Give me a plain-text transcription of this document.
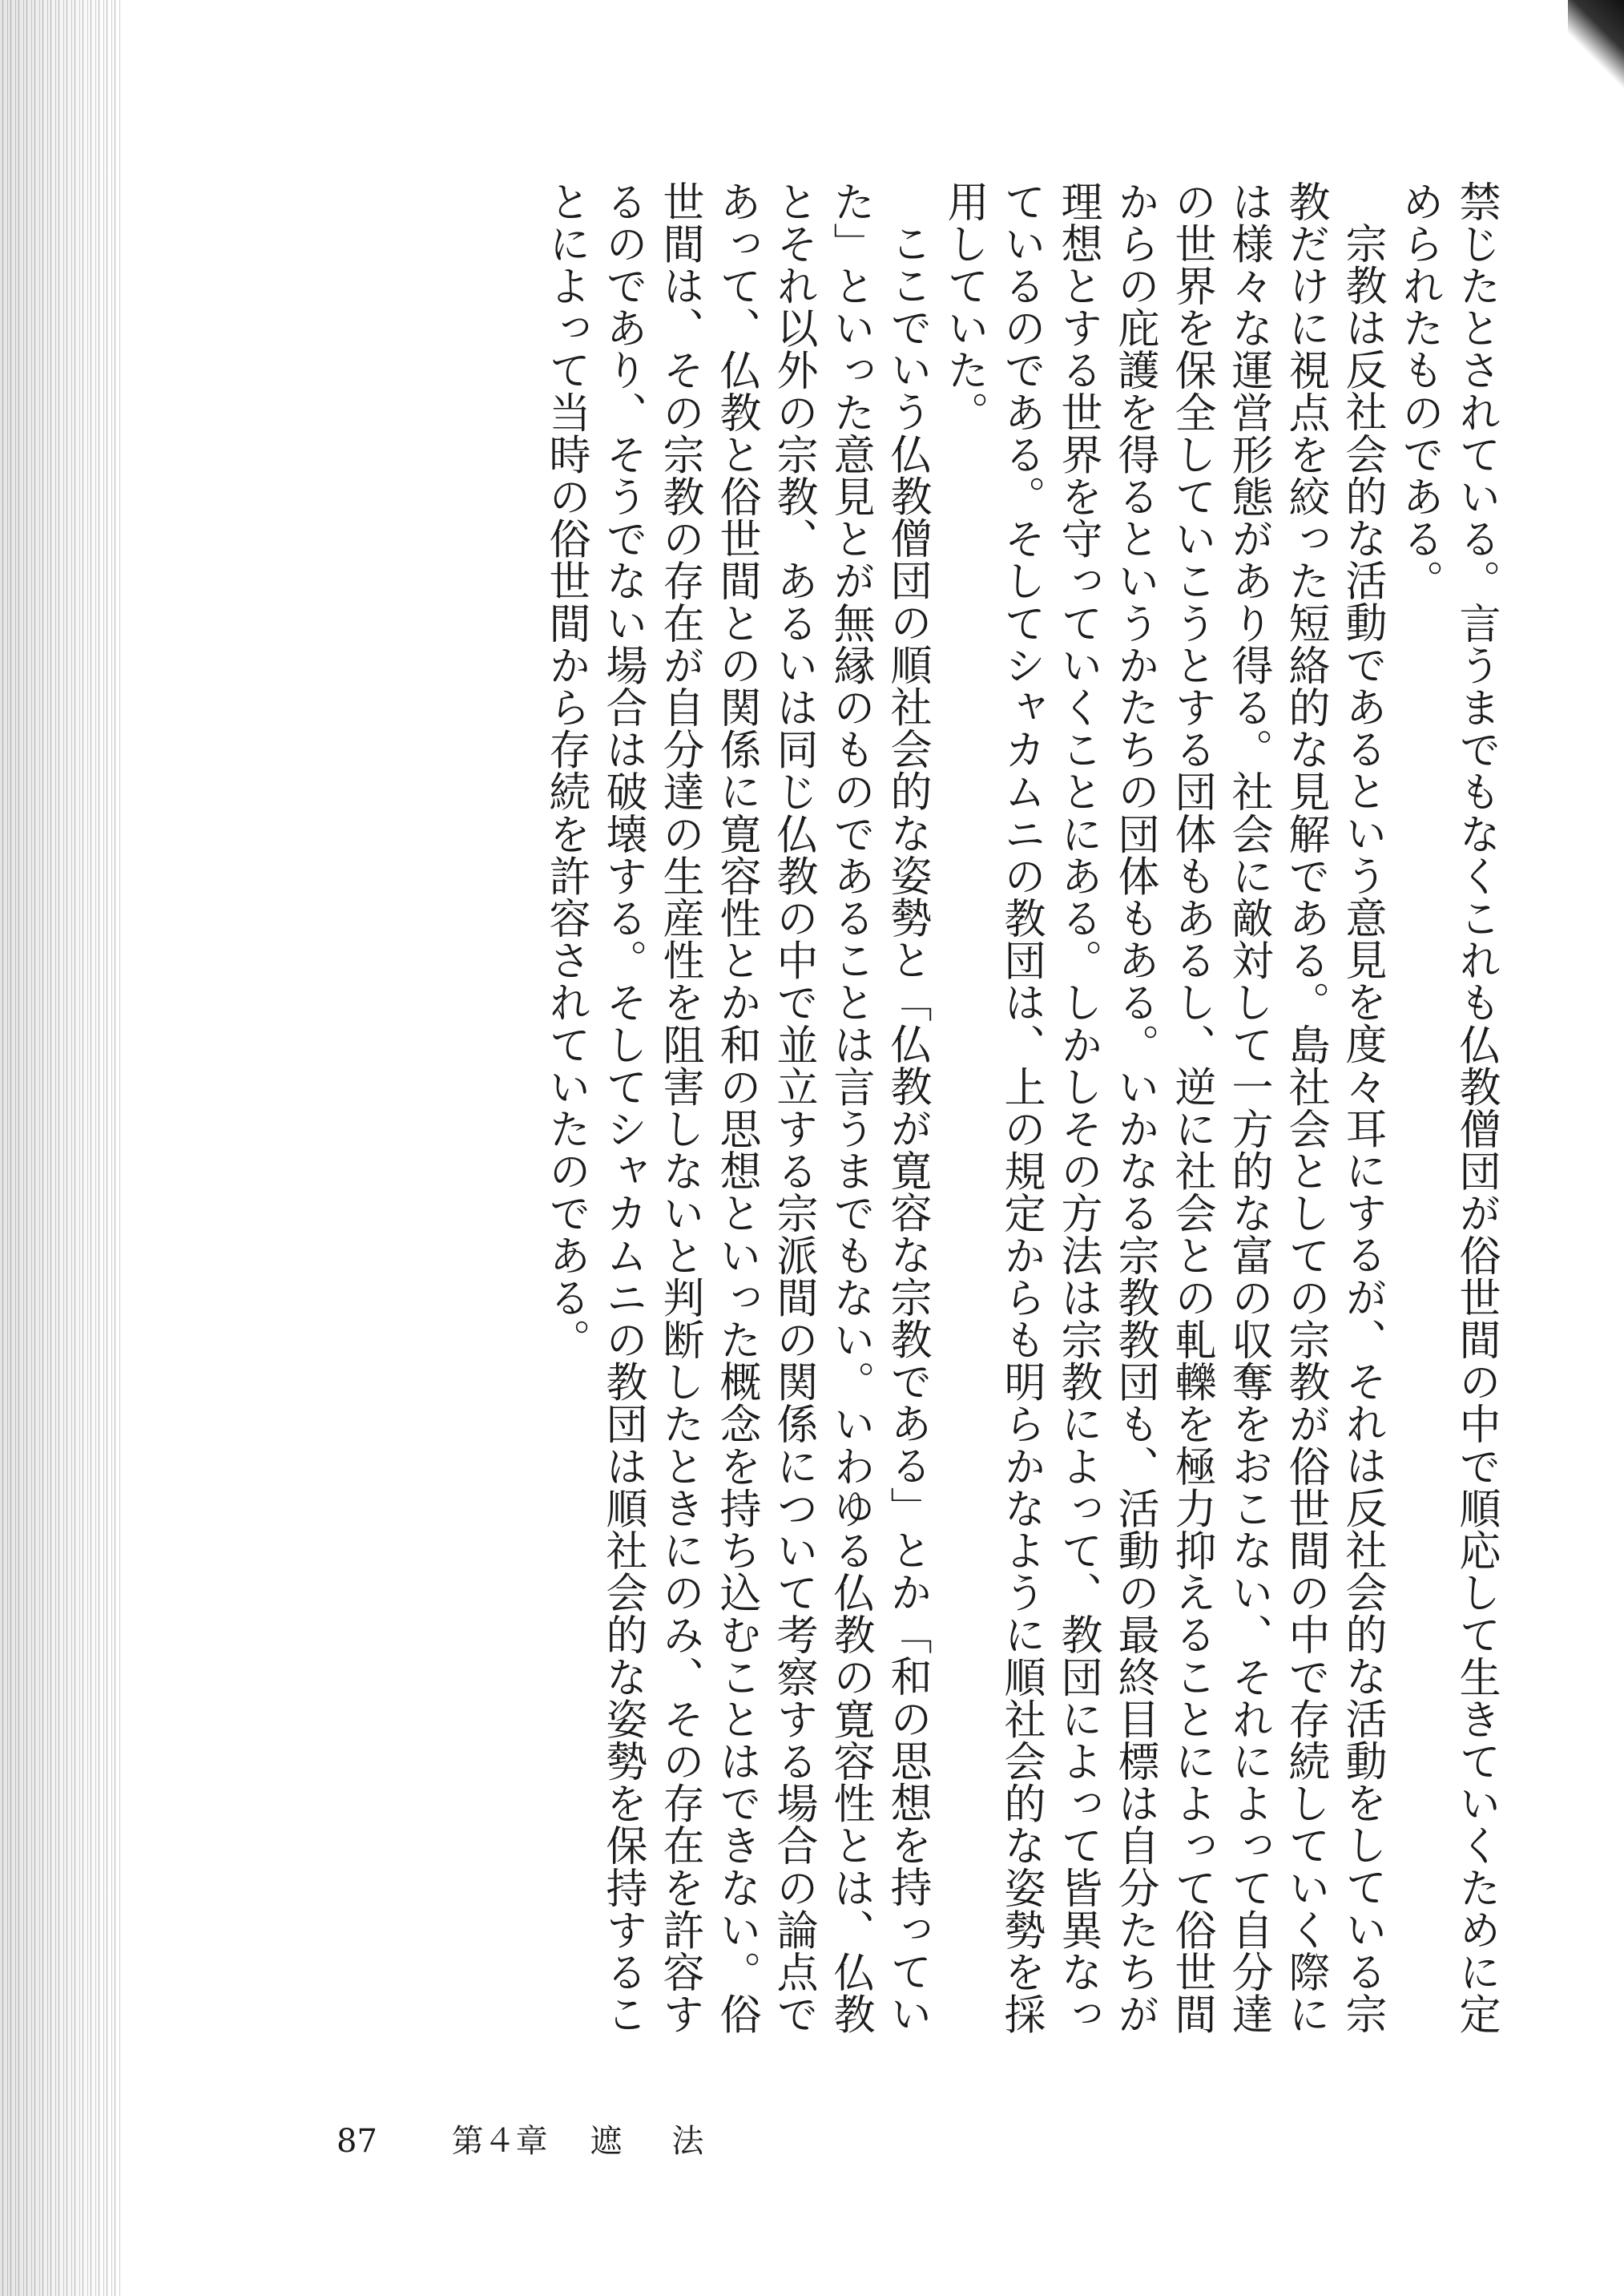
禁じたとされている。言うまでもなくこれも仏教僧団が俗世間の中で順応して生きていくために定められたものである。

宗教は反社会的な活動であるという意見を度々耳にするが、それは反社会的な活動をしている宗教だけに視点を絞った短絡的な見解である。島社会としての宗教が俗世間の中で存続していく際には様々な運営形態があり得る。社会に敵対して一方的な富の収奪をおこない、それによって自分達の世界を保全していこうとする団体もあるし、逆に社会との軋轢を極力抑えることによって俗世間からの庇護を得るというかたちの団体もある。いかなる宗教教団も、活動の最終目標は自分たちが理想とする世界を守っていくことにある。しかしその方法は宗教によって、教団によって皆異なっているのである。そしてシャカムニの教団は、上の規定からも明らかなように順社会的な姿勢を採用していた。

ここでいう仏教僧団の順社会的な姿勢と「仏教が寛容な宗教である」とか「和の思想を持っていた」といった意見とが無縁のものであることは言うまでもない。いわゆる仏教の寛容性とは、仏教とそれ以外の宗教、あるいは同じ仏教の中で並立する宗派間の関係について考察する場合の論点であって、仏教と俗世間との関係に寛容性とか和の思想といった概念を持ち込むことはできない。俗世間は、その宗教の存在が自分達の生産性を阻害しないと判断したときにのみ、その存在を許容するのであり、そうでない場合は破壊する。そしてシャカムニの教団は順社会的な姿勢を保持することによって当時の俗世間から存続を許容されていたのである。

87 第４章 遮法
